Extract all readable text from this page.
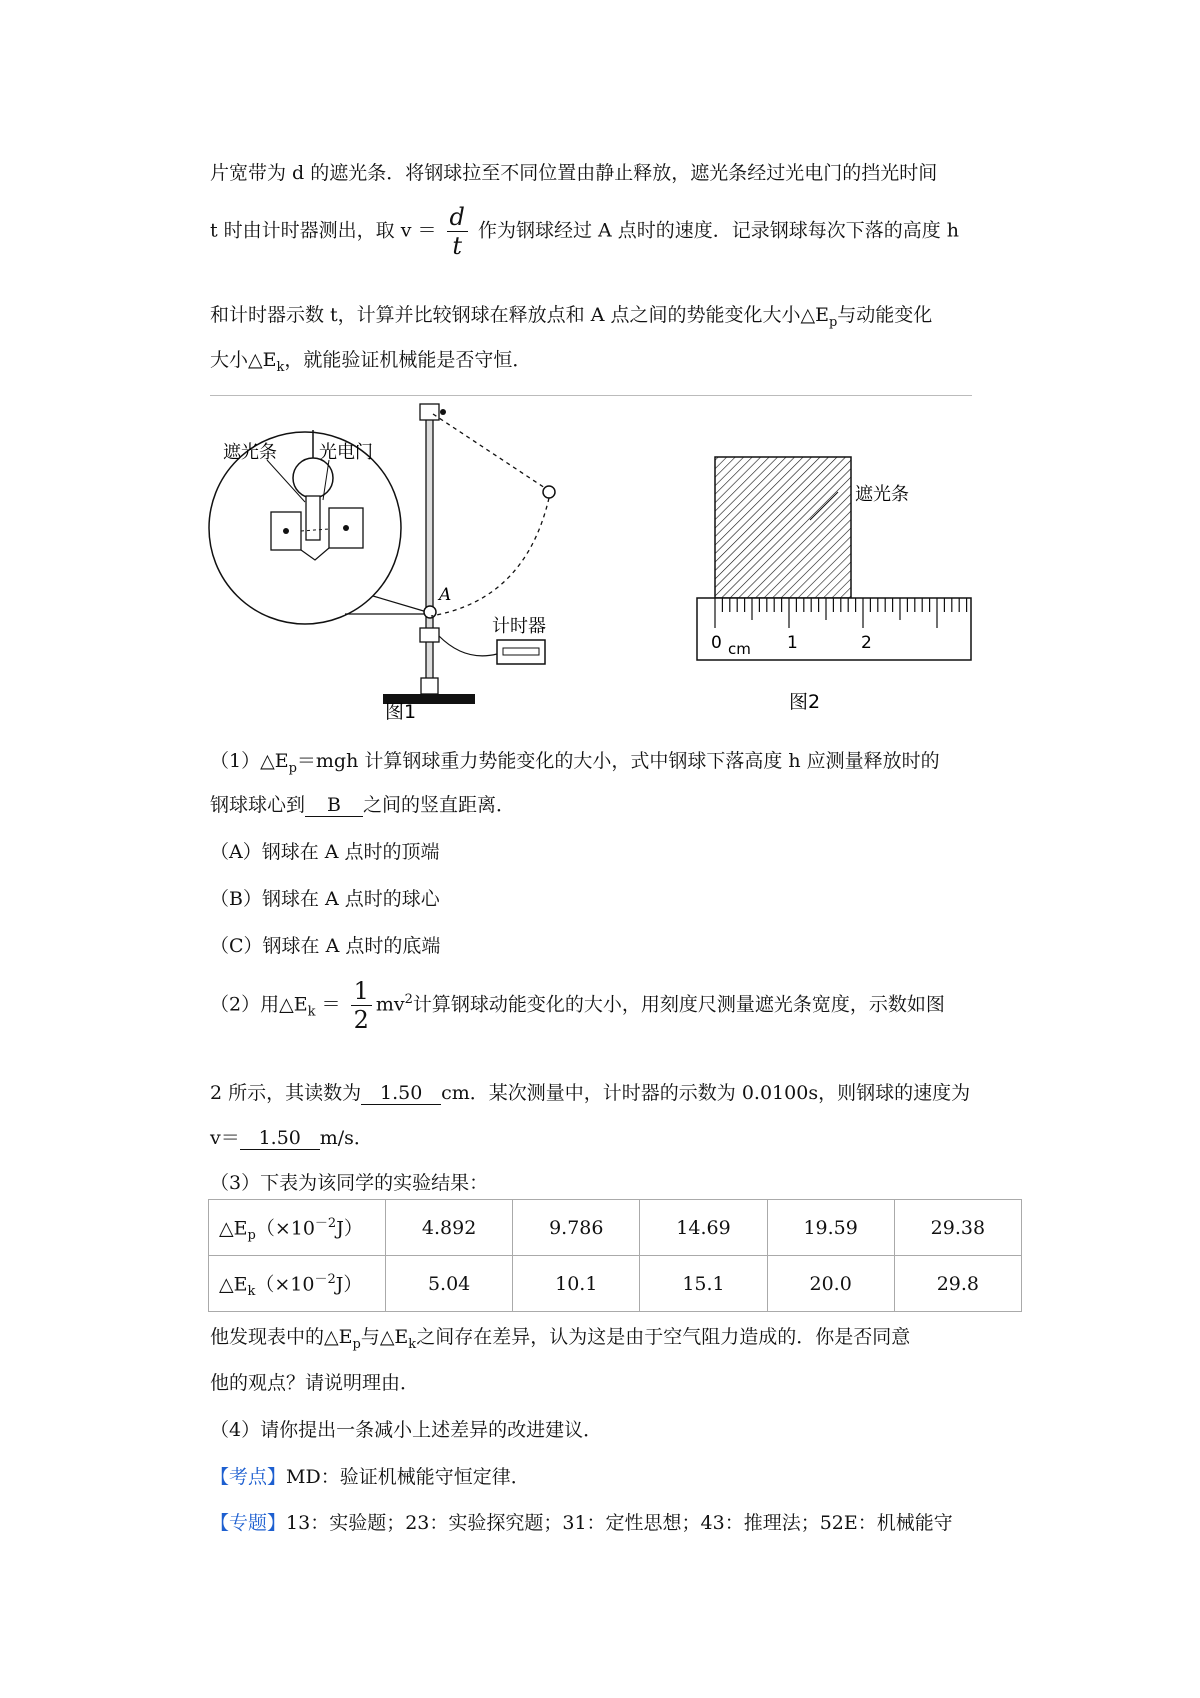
片宽带为 d 的遮光条．将钢球拉至不同位置由静止释放，遮光条经过光电门的挡光时间
t 时由计时器测出，取 $v = \frac{d}{t}$ 作为钢球经过 A 点时的速度．记录钢球每次下落的高度 h
和计时器示数 t，计算并比较钢球在释放点和 A 点之间的势能变化大小$\triangle E_p$与动能变化
大小$\triangle E_k$，就能验证机械能是否守恒．
遮光条 光电门
A
计时器
图1
遮光条
0 cm 1	2
图2
$(1)\triangle E_p=mgh$ 计算钢球重力势能变化的大小，式中钢球下落高度 h 应测量释放时的
钢球球心到 B 之间的竖直距离．
（A）钢球在 A 点时的顶端
（B）钢球在 A 点时的球心
（C）钢球在 A 点时的底端
（2）用$\triangle E_k = \frac{1}{2} mv^2$计算钢球动能变化的大小，用刻度尺测量遮光条宽度，示数如图
2 所示，其读数为 1.50 cm．某次测量中，计时器的示数为 0.0100s，则钢球的速度为
v＝ 1.50 m/s．
（3）下表为该同学的实验结果：
$\triangle E_p(\times 10^{-2}J)$	4.892	9.786	14.69	19.59	29.38
$\triangle E_k(\times 10^{-2}J)$	5.04	10.1	15.1	20.0	29.8
他发现表中的$\triangle E_p$与$\triangle E_k$之间存在差异，认为这是由于空气阻力造成的．你是否同意
他的观点？请说明理由．
（4）请你提出一条减小上述差异的改进建议．
【考点】MD：验证机械能守恒定律．
【专题】13：实验题；23：实验探究题；31：定性思想；43：推理法；52E：机械能守
